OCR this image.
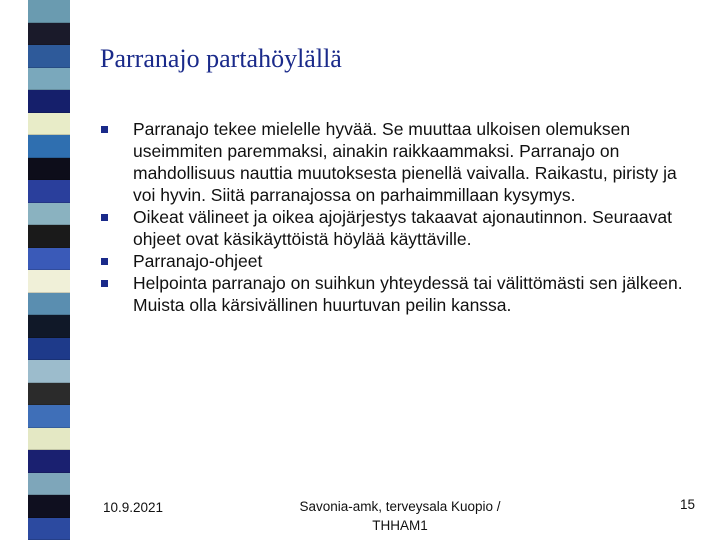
Parranajo partahöylällä
Parranajo tekee mielelle hyvää. Se muuttaa ulkoisen olemuksen useimmiten paremmaksi, ainakin raikkaammaksi. Parranajo on mahdollisuus nauttia muutoksesta pienellä vaivalla. Raikastu, piristy ja voi hyvin. Siitä parranajossa on parhaimmillaan kysymys.
Oikeat välineet ja oikea ajojärjestys takaavat ajonautinnon. Seuraavat ohjeet ovat käsikäyttöistä höylää käyttäville.
Parranajo-ohjeet
Helpointa parranajo on suihkun yhteydessä tai välittömästi sen jälkeen. Muista olla kärsivällinen huurtuvan peilin kanssa.
10.9.2021	Savonia-amk, terveysala Kuopio /
THHAM1
15
